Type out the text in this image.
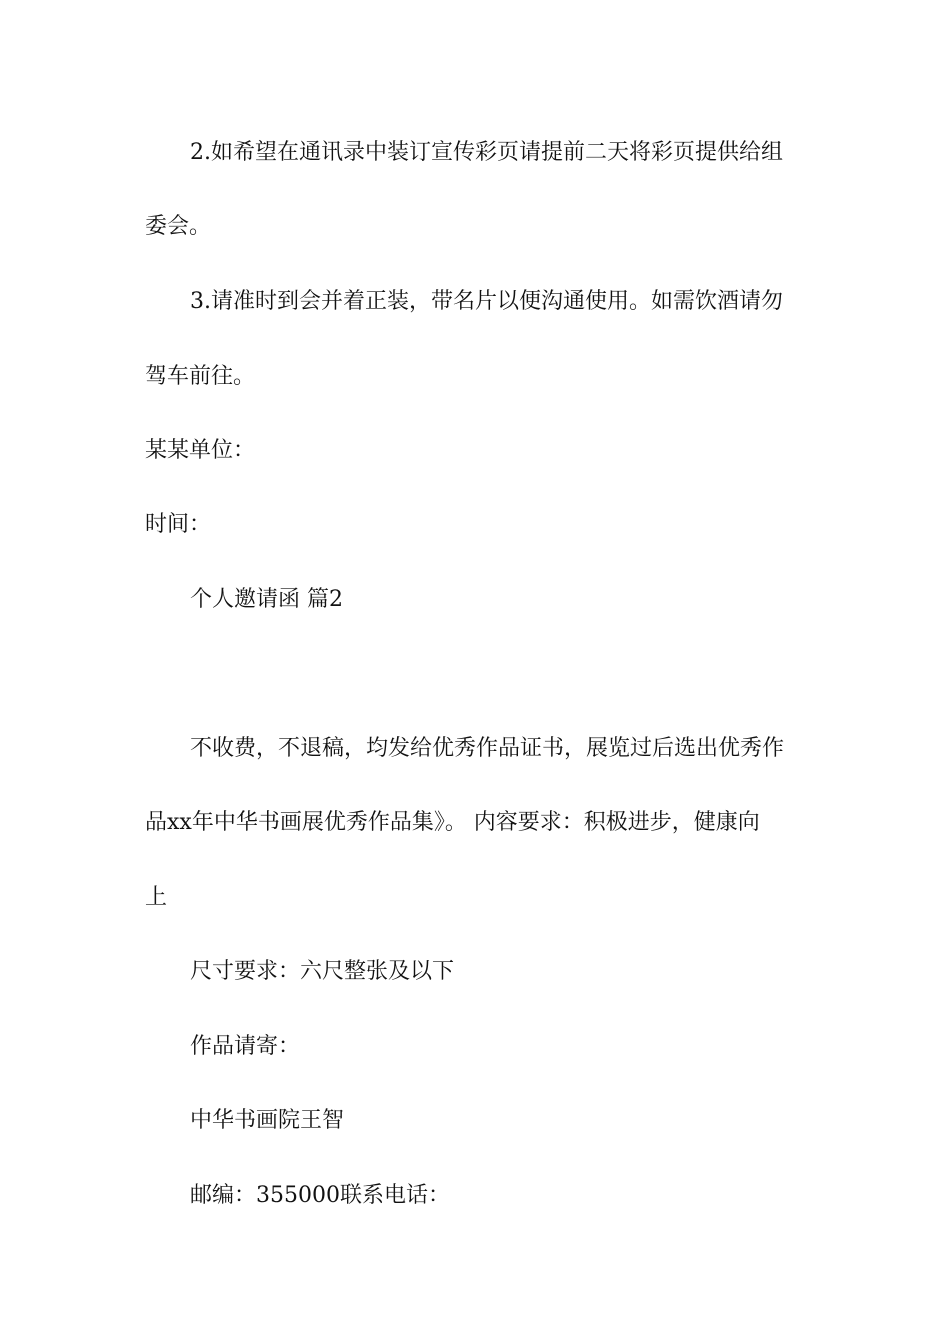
2.如希望在通讯录中装订宣传彩页请提前二天将彩页提供给组
委会。
3.请准时到会并着正装，带名片以便沟通使用。如需饮酒请勿
驾车前往。
某某单位：
时间：
个人邀请函 篇2
不收费，不退稿，均发给优秀作品证书，展览过后选出优秀作
品xx年中华书画展优秀作品集》。 内容要求：积极进步，健康向
上
尺寸要求：六尺整张及以下
作品请寄：
中华书画院王智
邮编：355000联系电话：
